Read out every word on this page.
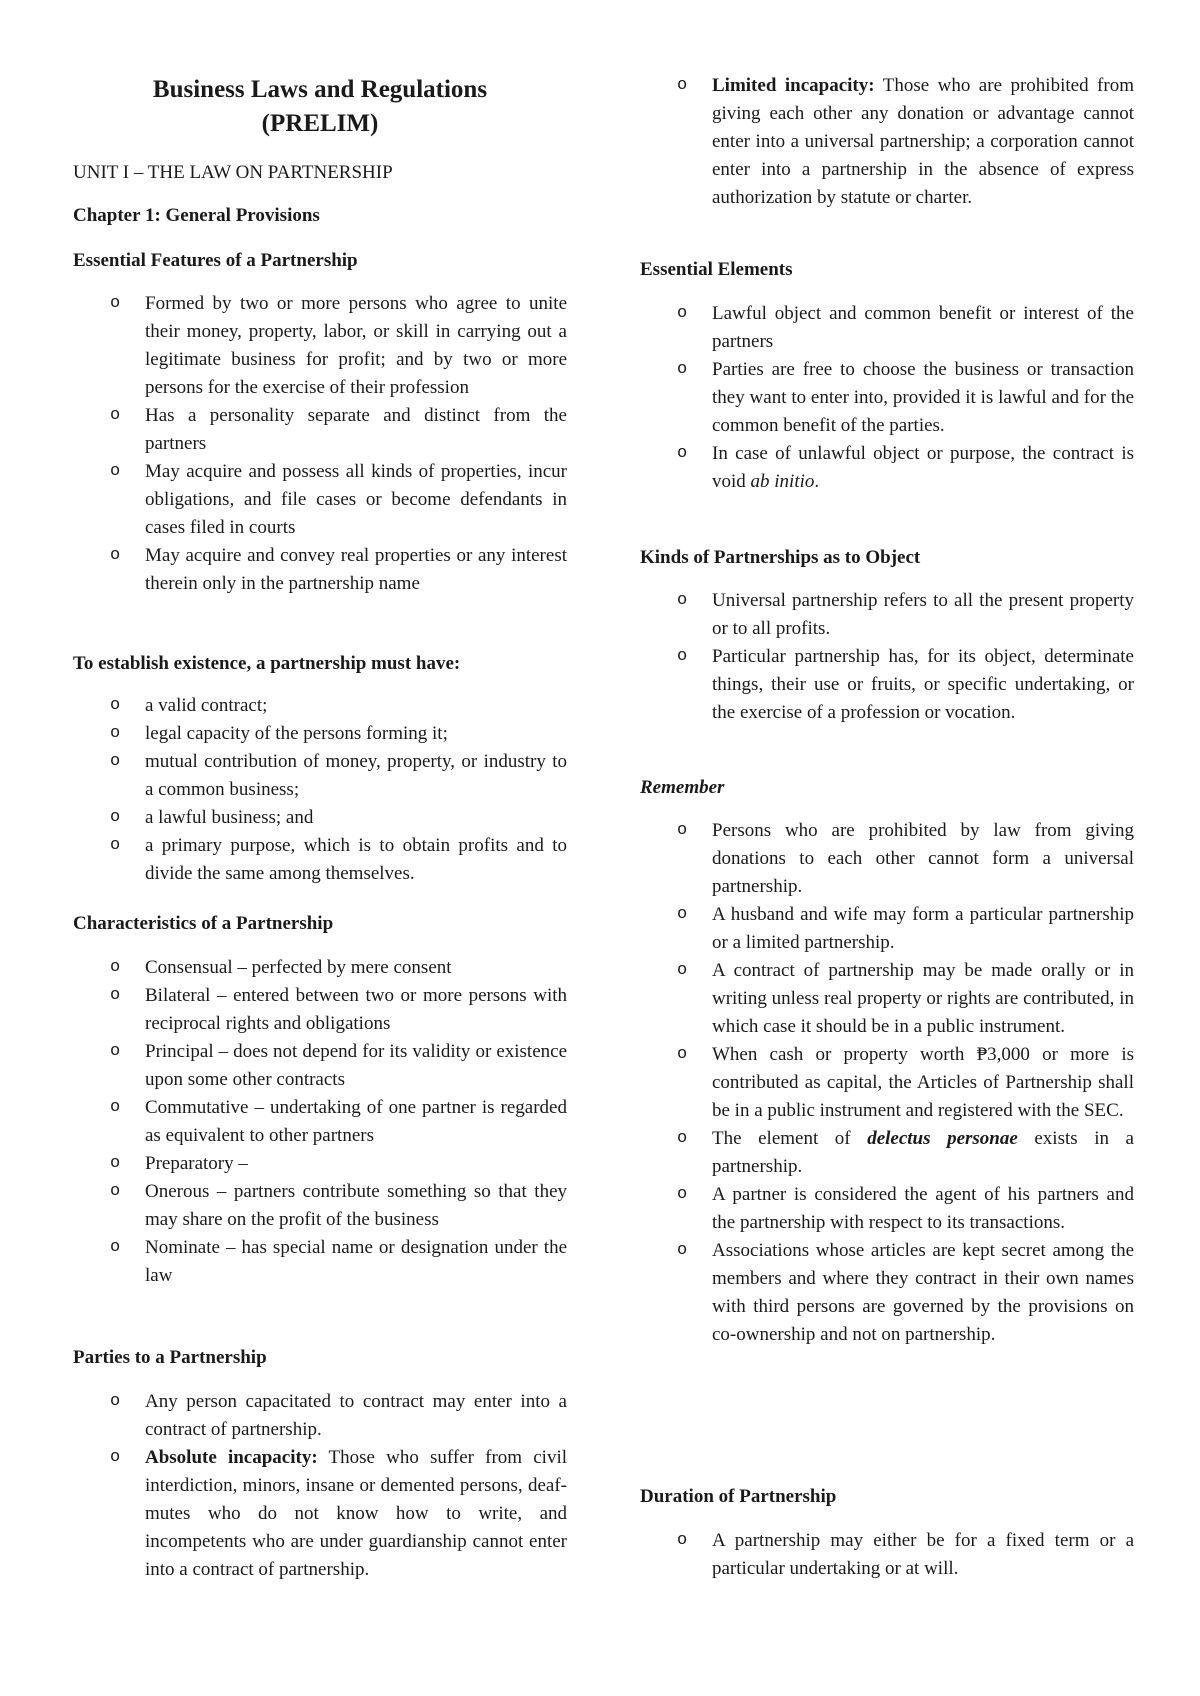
Business Laws and Regulations

(PRELIM)

UNIT I – THE LAW ON PARTNERSHIP

Chapter 1: General Provisions

Essential Features of a Partnership

o Formed by two or more persons who agree to unite their money, property, labor, or skill in carrying out a legitimate business for profit; and by two or more persons for the exercise of their profession
o Has a personality separate and distinct from the partners
o May acquire and possess all kinds of properties, incur obligations, and file cases or become defendants in cases filed in courts
o May acquire and convey real properties or any interest therein only in the partnership name

To establish existence, a partnership must have:

o a valid contract;
o legal capacity of the persons forming it;
o mutual contribution of money, property, or industry to a common business;
o a lawful business; and
o a primary purpose, which is to obtain profits and to divide the same among themselves.

Characteristics of a Partnership

o Consensual – perfected by mere consent
o Bilateral – entered between two or more persons with reciprocal rights and obligations
o Principal – does not depend for its validity or existence upon some other contracts
o Commutative – undertaking of one partner is regarded as equivalent to other partners
o Preparatory –
o Onerous – partners contribute something so that they may share on the profit of the business
o Nominate – has special name or designation under the law

Parties to a Partnership

o Any person capacitated to contract may enter into a contract of partnership.
o Absolute incapacity: Those who suffer from civil interdiction, minors, insane or demented persons, deaf-mutes who do not know how to write, and incompetents who are under guardianship cannot enter into a contract of partnership.
o Limited incapacity: Those who are prohibited from giving each other any donation or advantage cannot enter into a universal partnership; a corporation cannot enter into a partnership in the absence of express authorization by statute or charter.

Essential Elements

o Lawful object and common benefit or interest of the partners
o Parties are free to choose the business or transaction they want to enter into, provided it is lawful and for the common benefit of the parties.
o In case of unlawful object or purpose, the contract is void ab initio.

Kinds of Partnerships as to Object

o Universal partnership refers to all the present property or to all profits.
o Particular partnership has, for its object, determinate things, their use or fruits, or specific undertaking, or the exercise of a profession or vocation.

Remember

o Persons who are prohibited by law from giving donations to each other cannot form a universal partnership.
o A husband and wife may form a particular partnership or a limited partnership.
o A contract of partnership may be made orally or in writing unless real property or rights are contributed, in which case it should be in a public instrument.
o When cash or property worth ₱3,000 or more is contributed as capital, the Articles of Partnership shall be in a public instrument and registered with the SEC.
o The element of delectus personae exists in a partnership.
o A partner is considered the agent of his partners and the partnership with respect to its transactions.
o Associations whose articles are kept secret among the members and where they contract in their own names with third persons are governed by the provisions on co-ownership and not on partnership.

Duration of Partnership

o A partnership may either be for a fixed term or a particular undertaking or at will.
